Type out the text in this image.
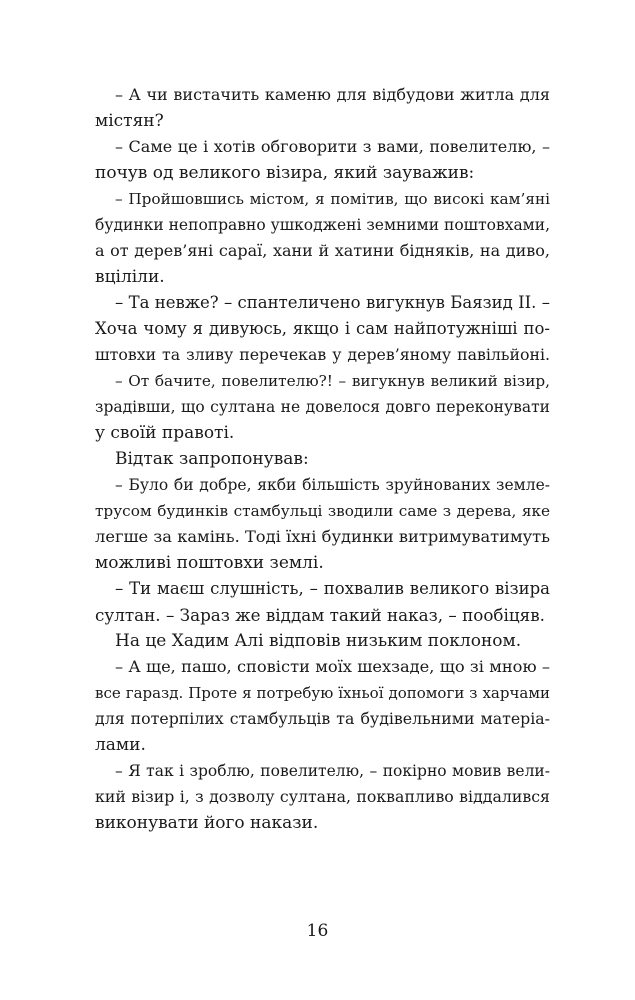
– А чи вистачить каменю для відбудови житла для
містян?
– Саме це і хотів обговорити з вами, повелителю, –
почув од великого візира, який зауважив:
– Пройшовшись містом, я помітив, що високі кам’яні
будинки непоправно ушкоджені земними поштовхами,
а от дерев’яні сараї, хани й хатини бідняків, на диво,
вціліли.
– Та невже? – спантеличено вигукнув Баязид ІІ. –
Хоча чому я дивуюсь, якщо і сам найпотужніші по-
штовхи та зливу перечекав у дерев’яному павільйоні.
– От бачите, повелителю?! – вигукнув великий візир,
зрадівши, що султана не довелося довго переконувати
у своїй правоті.
Відтак запропонував:
– Було би добре, якби більшість зруйнованих земле-
трусом будинків стамбульці зводили саме з дерева, яке
легше за камінь. Тоді їхні будинки витримуватимуть
можливі поштовхи землі.
– Ти маєш слушність, – похвалив великого візира
султан. – Зараз же віддам такий наказ, – пообіцяв.
На це Хадим Алі відповів низьким поклоном.
– А ще, пашо, сповісти моїх шехзаде, що зі мною –
все гаразд. Проте я потребую їхньої допомоги з харчами
для потерпілих стамбульців та будівельними матеріа-
лами.
– Я так і зроблю, повелителю, – покірно мовив вели-
кий візир і, з дозволу султана, поквапливо віддалився
виконувати його накази.
16
